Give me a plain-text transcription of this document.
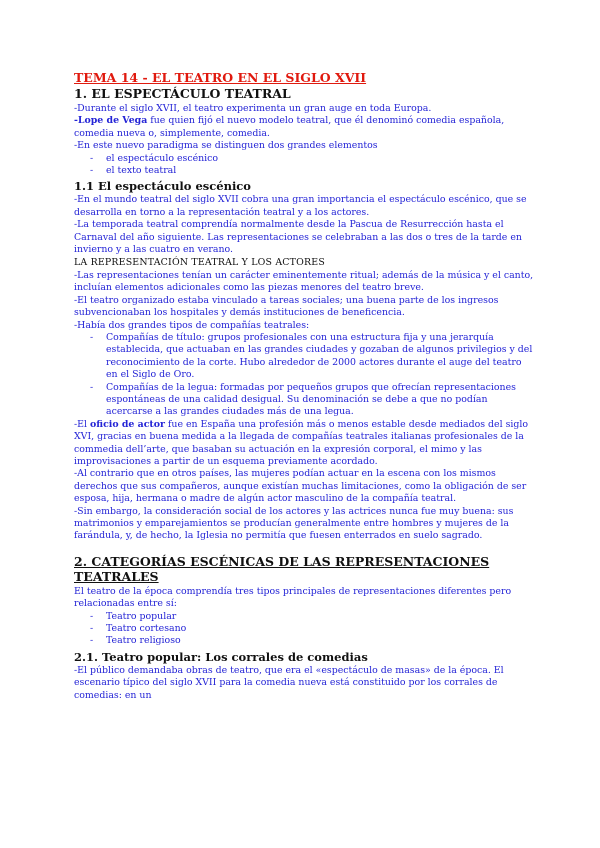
TEMA 14 - EL TEATRO EN EL SIGLO XVII

1. EL ESPECTÁCULO TEATRAL

-Durante el siglo XVII, el teatro experimenta un gran auge en toda Europa.

-Lope de Vega fue quien fijó el nuevo modelo teatral, que él denominó comedia española, comedia nueva o, simplemente, comedia.

-En este nuevo paradigma se distinguen dos grandes elementos

- el espectáculo escénico
- el texto teatral
1.1 El espectáculo escénico

-En el mundo teatral del siglo XVII cobra una gran importancia el espectáculo escénico, que se desarrolla en torno a la representación teatral y a los actores.

-La temporada teatral comprendía normalmente desde la Pascua de Resurrección hasta el Carnaval del año siguiente. Las representaciones se celebraban a las dos o tres de la tarde en invierno y a las cuatro en verano.

LA REPRESENTACIÓN TEATRAL Y LOS ACTORES

-Las representaciones tenían un carácter eminentemente ritual; además de la música y el canto, incluían elementos adicionales como las piezas menores del teatro breve.

-El teatro organizado estaba vinculado a tareas sociales; una buena parte de los ingresos subvencionaban los hospitales y demás instituciones de beneficencia.

-Había dos grandes tipos de compañías teatrales:

- Compañías de título: grupos profesionales con una estructura fija y una jerarquía establecida, que actuaban en las grandes ciudades y gozaban de algunos privilegios y del reconocimiento de la corte. Hubo alrededor de 2000 actores durante el auge del teatro en el Siglo de Oro.
- Compañías de la legua: formadas por pequeños grupos que ofrecían representaciones espontáneas de una calidad desigual. Su denominación se debe a que no podían acercarse a las grandes ciudades más de una legua.

-El oficio de actor fue en España una profesión más o menos estable desde mediados del siglo XVI, gracias en buena medida a la llegada de compañías teatrales italianas profesionales de la commedia dell’arte, que basaban su actuación en la expresión corporal, el mimo y las improvisaciones a partir de un esquema previamente acordado.

-Al contrario que en otros países, las mujeres podían actuar en la escena con los mismos derechos que sus compañeros, aunque existían muchas limitaciones, como la obligación de ser esposa, hija, hermana o madre de algún actor masculino de la compañía teatral.

-Sin embargo, la consideración social de los actores y las actrices nunca fue muy buena: sus matrimonios y emparejamientos se producían generalmente entre hombres y mujeres de la farándula, y, de hecho, la Iglesia no permitía que fuesen enterrados en suelo sagrado.

2. CATEGORÍAS ESCÉNICAS DE LAS REPRESENTACIONES TEATRALES

El teatro de la época comprendía tres tipos principales de representaciones diferentes pero relacionadas entre sí:

- Teatro popular
- Teatro cortesano
- Teatro religioso
2.1. Teatro popular: Los corrales de comedias

-El público demandaba obras de teatro, que era el «espectáculo de masas» de la época. El escenario típico del siglo XVII para la comedia nueva está constituido por los corrales de comedias: en un
